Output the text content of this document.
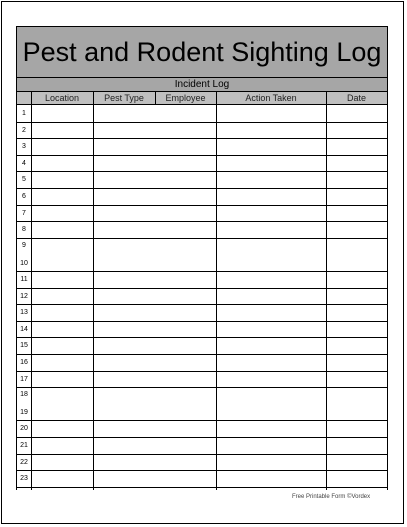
Pest and Rodent Sighting Log
Incident Log
Location	Pest Type	Employee	Action Taken	Date
1
2
3
4
5
6
7
8
9
10
11
12
13
14
15
16
17
18
19
20
21
22
23
Free Printable Form ©Vordex
